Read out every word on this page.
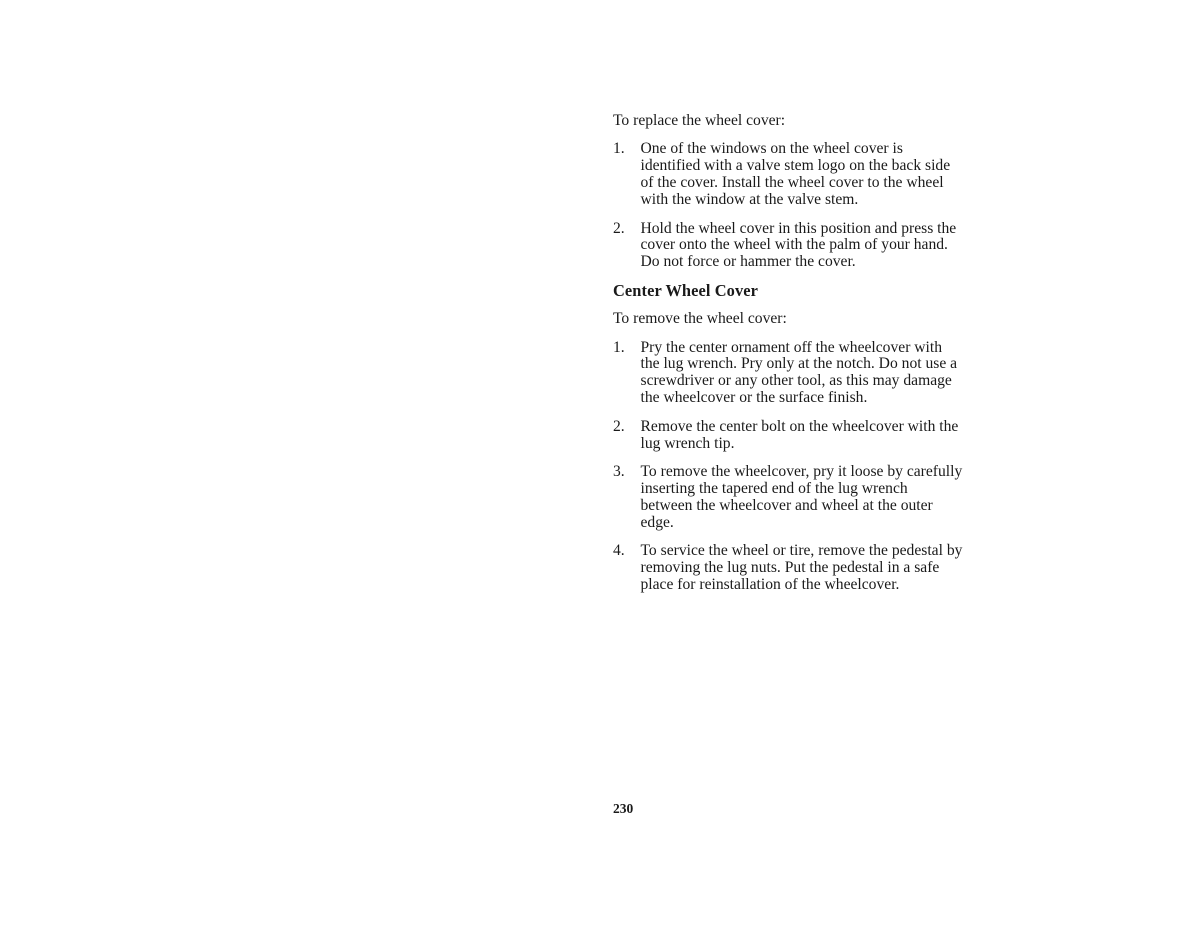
To replace the wheel cover:

1.	One of the windows on the wheel cover is identified with a valve stem logo on the back side of the cover. Install the wheel cover to the wheel with the window at the valve stem.
2.	Hold the wheel cover in this position and press the cover onto the wheel with the palm of your hand. Do not force or hammer the cover.
Center Wheel Cover

To remove the wheel cover:

1.	Pry the center ornament off the wheelcover with the lug wrench. Pry only at the notch. Do not use a screwdriver or any other tool, as this may damage the wheelcover or the surface finish.
2.	Remove the center bolt on the wheelcover with the lug wrench tip.
3.	To remove the wheelcover, pry it loose by carefully inserting the tapered end of the lug wrench between the wheelcover and wheel at the outer edge.
4.	To service the wheel or tire, remove the pedestal by removing the lug nuts. Put the pedestal in a safe place for reinstallation of the wheelcover.
230
